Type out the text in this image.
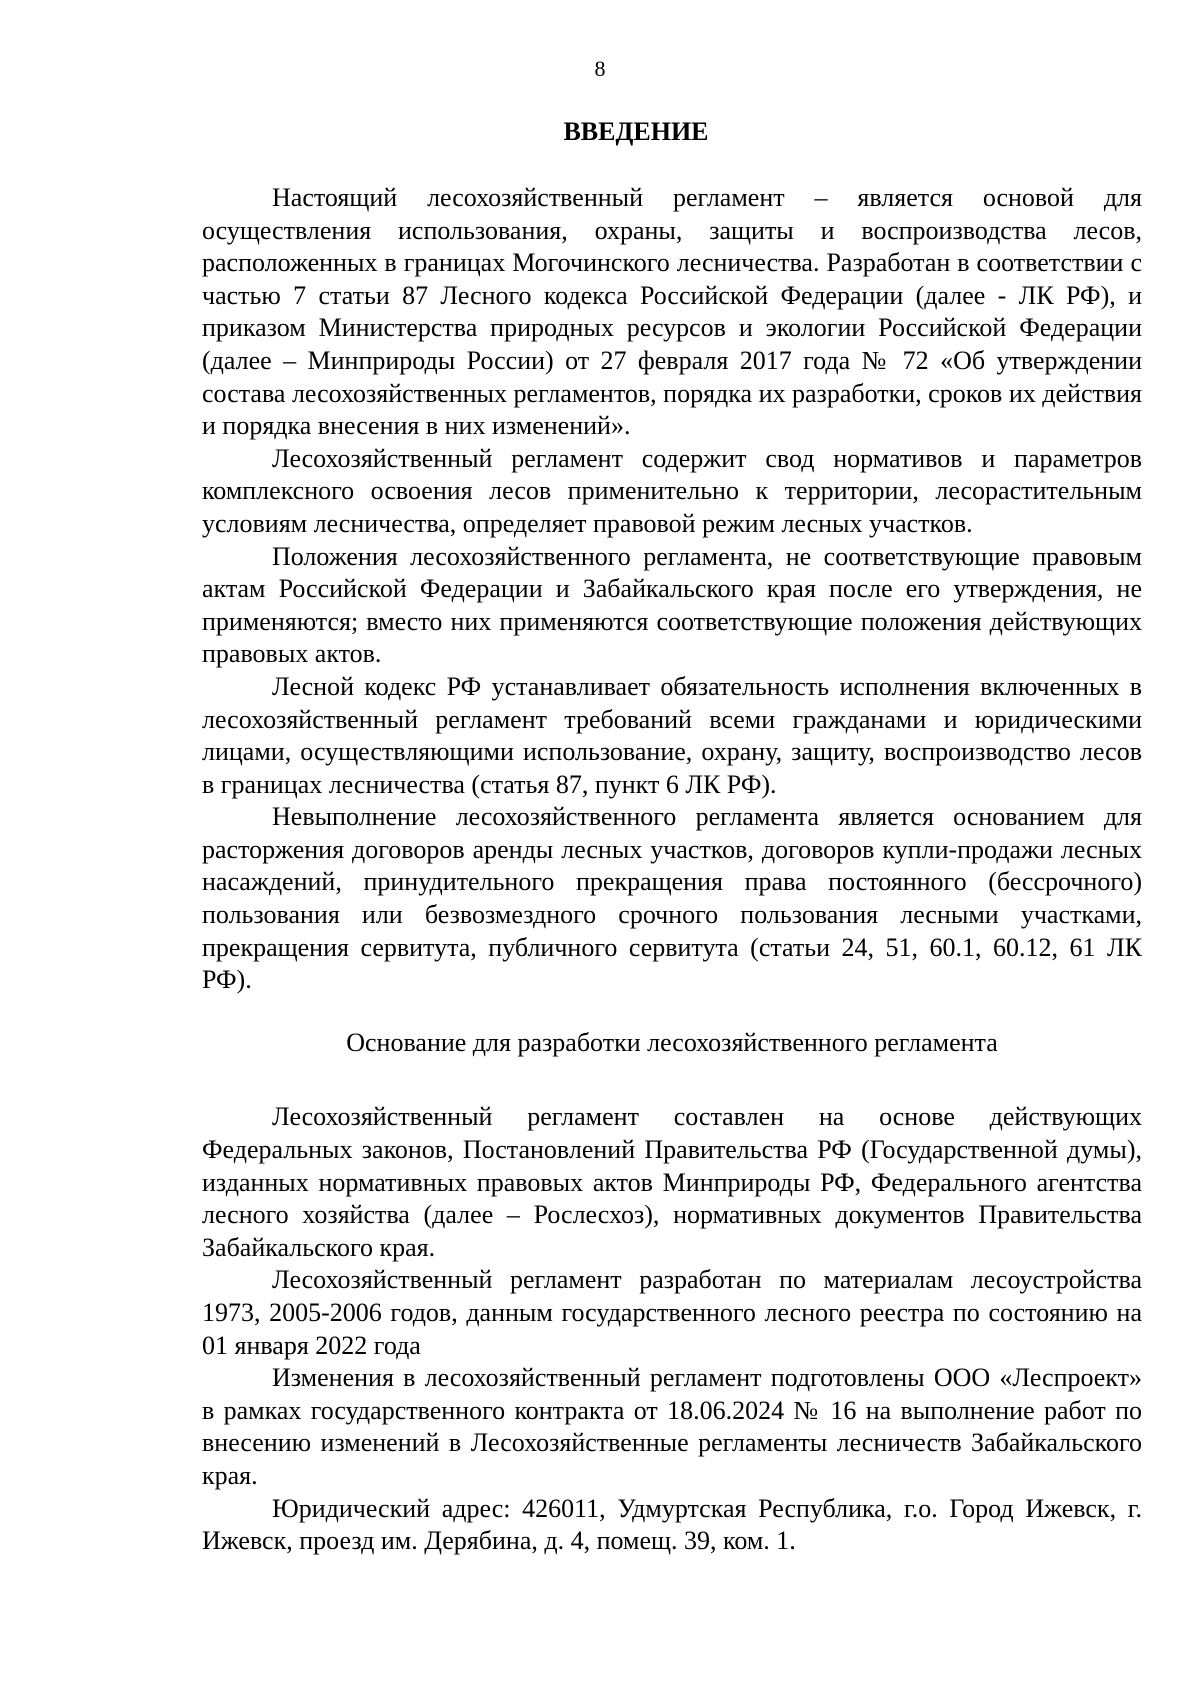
8
ВВЕДЕНИЕ

Настоящий лесохозяйственный регламент – является основой для осуществления использования, охраны, защиты и воспроизводства лесов, расположенных в границах Могочинского лесничества. Разработан в соответствии с частью 7 статьи 87 Лесного кодекса Российской Федерации (далее - ЛК РФ), и приказом Министерства природных ресурсов и экологии Российской Федерации (далее – Минприроды России) от 27 февраля 2017 года № 72 «Об утверждении состава лесохозяйственных регламентов, порядка их разработки, сроков их действия и порядка внесения в них изменений».

Лесохозяйственный регламент содержит свод нормативов и параметров комплексного освоения лесов применительно к территории, лесорастительным условиям лесничества, определяет правовой режим лесных участков.

Положения лесохозяйственного регламента, не соответствующие правовым актам Российской Федерации и Забайкальского края после его утверждения, не применяются; вместо них применяются соответствующие положения действующих правовых актов.

Лесной кодекс РФ устанавливает обязательность исполнения включенных в лесохозяйственный регламент требований всеми гражданами и юридическими лицами, осуществляющими использование, охрану, защиту, воспроизводство лесов в границах лесничества (статья 87, пункт 6 ЛК РФ).

Невыполнение лесохозяйственного регламента является основанием для расторжения договоров аренды лесных участков, договоров купли-продажи лесных насаждений, принудительного прекращения права постоянного (бессрочного) пользования или безвозмездного срочного пользования лесными участками, прекращения сервитута, публичного сервитута (статьи 24, 51, 60.1, 60.12, 61 ЛК РФ).

Основание для разработки лесохозяйственного регламента

Лесохозяйственный регламент составлен на основе действующих Федеральных законов, Постановлений Правительства РФ (Государственной думы), изданных нормативных правовых актов Минприроды РФ, Федерального агентства лесного хозяйства (далее – Рослесхоз), нормативных документов Правительства Забайкальского края.

Лесохозяйственный регламент разработан по материалам лесоустройства 1973, 2005-2006 годов, данным государственного лесного реестра по состоянию на 01 января 2022 года

Изменения в лесохозяйственный регламент подготовлены ООО «Леспроект» в рамках государственного контракта от 18.06.2024 № 16 на выполнение работ по внесению изменений в Лесохозяйственные регламенты лесничеств Забайкальского края.

Юридический адрес: 426011, Удмуртская Республика, г.о. Город Ижевск, г. Ижевск, проезд им. Дерябина, д. 4, помещ. 39, ком. 1.
